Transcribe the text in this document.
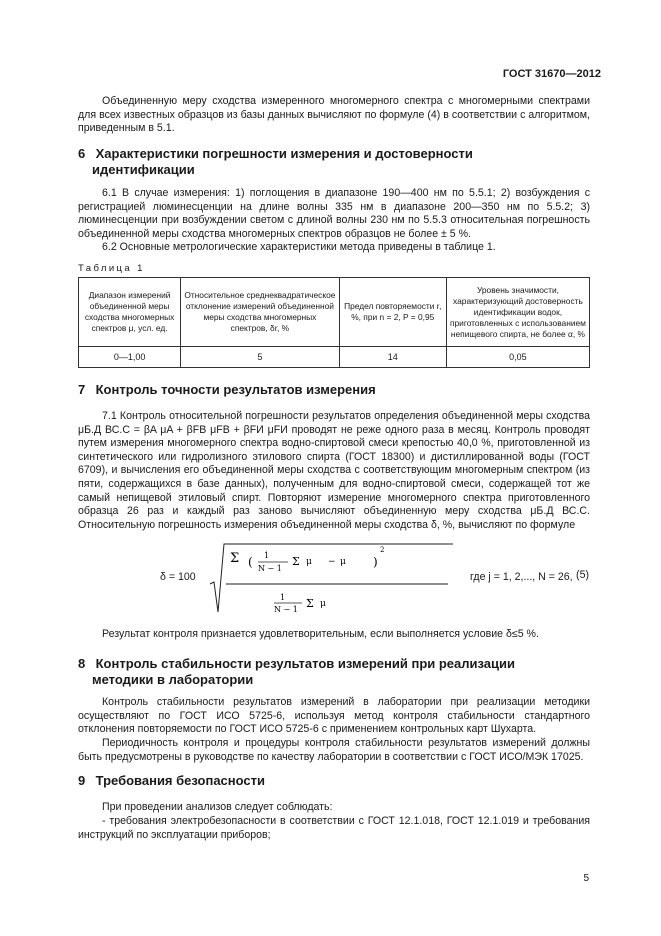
ГОСТ 31670—2012
Объединенную меру сходства измеренного многомерного спектра с многомерными спектрами для всех известных образцов из базы данных вычисляют по формуле (4) в соответствии с алгоритмом, приведенным в 5.1.
6 Характеристики погрешности измерения и достоверности
идентификации
6.1 В случае измерения: 1) поглощения в диапазоне 190—400 нм по 5.5.1; 2) возбуждения с регистрацией люминесценции на длине волны 335 нм в диапазоне 200—350 нм по 5.5.2; 3) люминесценции при возбуждении светом с длиной волны 230 нм по 5.5.3 относительная погрешность объединенной меры сходства многомерных спектров образцов не более ± 5 %.
6.2 Основные метрологические характеристики метода приведены в таблице 1.
Таблица 1
Диапазон измерений объединенной меры сходства многомерных спектров μ, усл. ед.	Относительное среднеквадратическое отклонение измерений объединенной меры сходства многомерных спектров, δr, %	Предел повторяемости r, %, при n = 2, P = 0,95	Уровень значимости, характеризующий достоверность идентификации водок, приготовленных с использованием непищевого спирта, не более α, %
0—1,00	5	14	0,05
7 Контроль точности результатов измерения
7.1 Контроль относительной погрешности результатов определения объединенной меры сходства μБ.Д ВС.С = βA μA + βFB μFB + βFИ μFИ проводят не реже одного раза в месяц. Контроль проводят путем измерения многомерного спектра водно-спиртовой смеси крепостью 40,0 %, приготовленной из синтетического или гидролизного этилового спирта (ГОСТ 18300) и дистиллированной воды (ГОСТ 6709), и вычисления его объединенной меры сходства с соответствующим многомерным спектром (из пяти, содержащихся в базе данных), полученным для водно-спиртовой смеси, содержащей тот же самый непищевой этиловый спирт. Повторяют измерение многомерного спектра приготовленного образца 26 раз и каждый раз заново вычисляют объединенную меру сходства μБ.Д ВС.С. Относительную погрешность измерения объединенной меры сходства δ, %, вычисляют по формуле
δ = 100
Σ ( 1
N − 1
Σ μ − μ )
2
1
N − 1 Σ μ
где j = 1, 2,..., N = 26, (5)
Результат контроля признается удовлетворительным, если выполняется условие δ≤5 %.
8 Контроль стабильности результатов измерений при реализации
методики в лаборатории
Контроль стабильности результатов измерений в лаборатории при реализации методики осуществляют по ГОСТ ИСО 5725-6, используя метод контроля стабильности стандартного отклонения повторяемости по ГОСТ ИСО 5725-6 с применением контрольных карт Шухарта.
Периодичность контроля и процедуры контроля стабильности результатов измерений должны быть предусмотрены в руководстве по качеству лаборатории в соответствии с ГОСТ ИСО/МЭК 17025.
9 Требования безопасности
При проведении анализов следует соблюдать:
- требования электробезопасности в соответствии с ГОСТ 12.1.018, ГОСТ 12.1.019 и требования инструкций по эксплуатации приборов;
5
